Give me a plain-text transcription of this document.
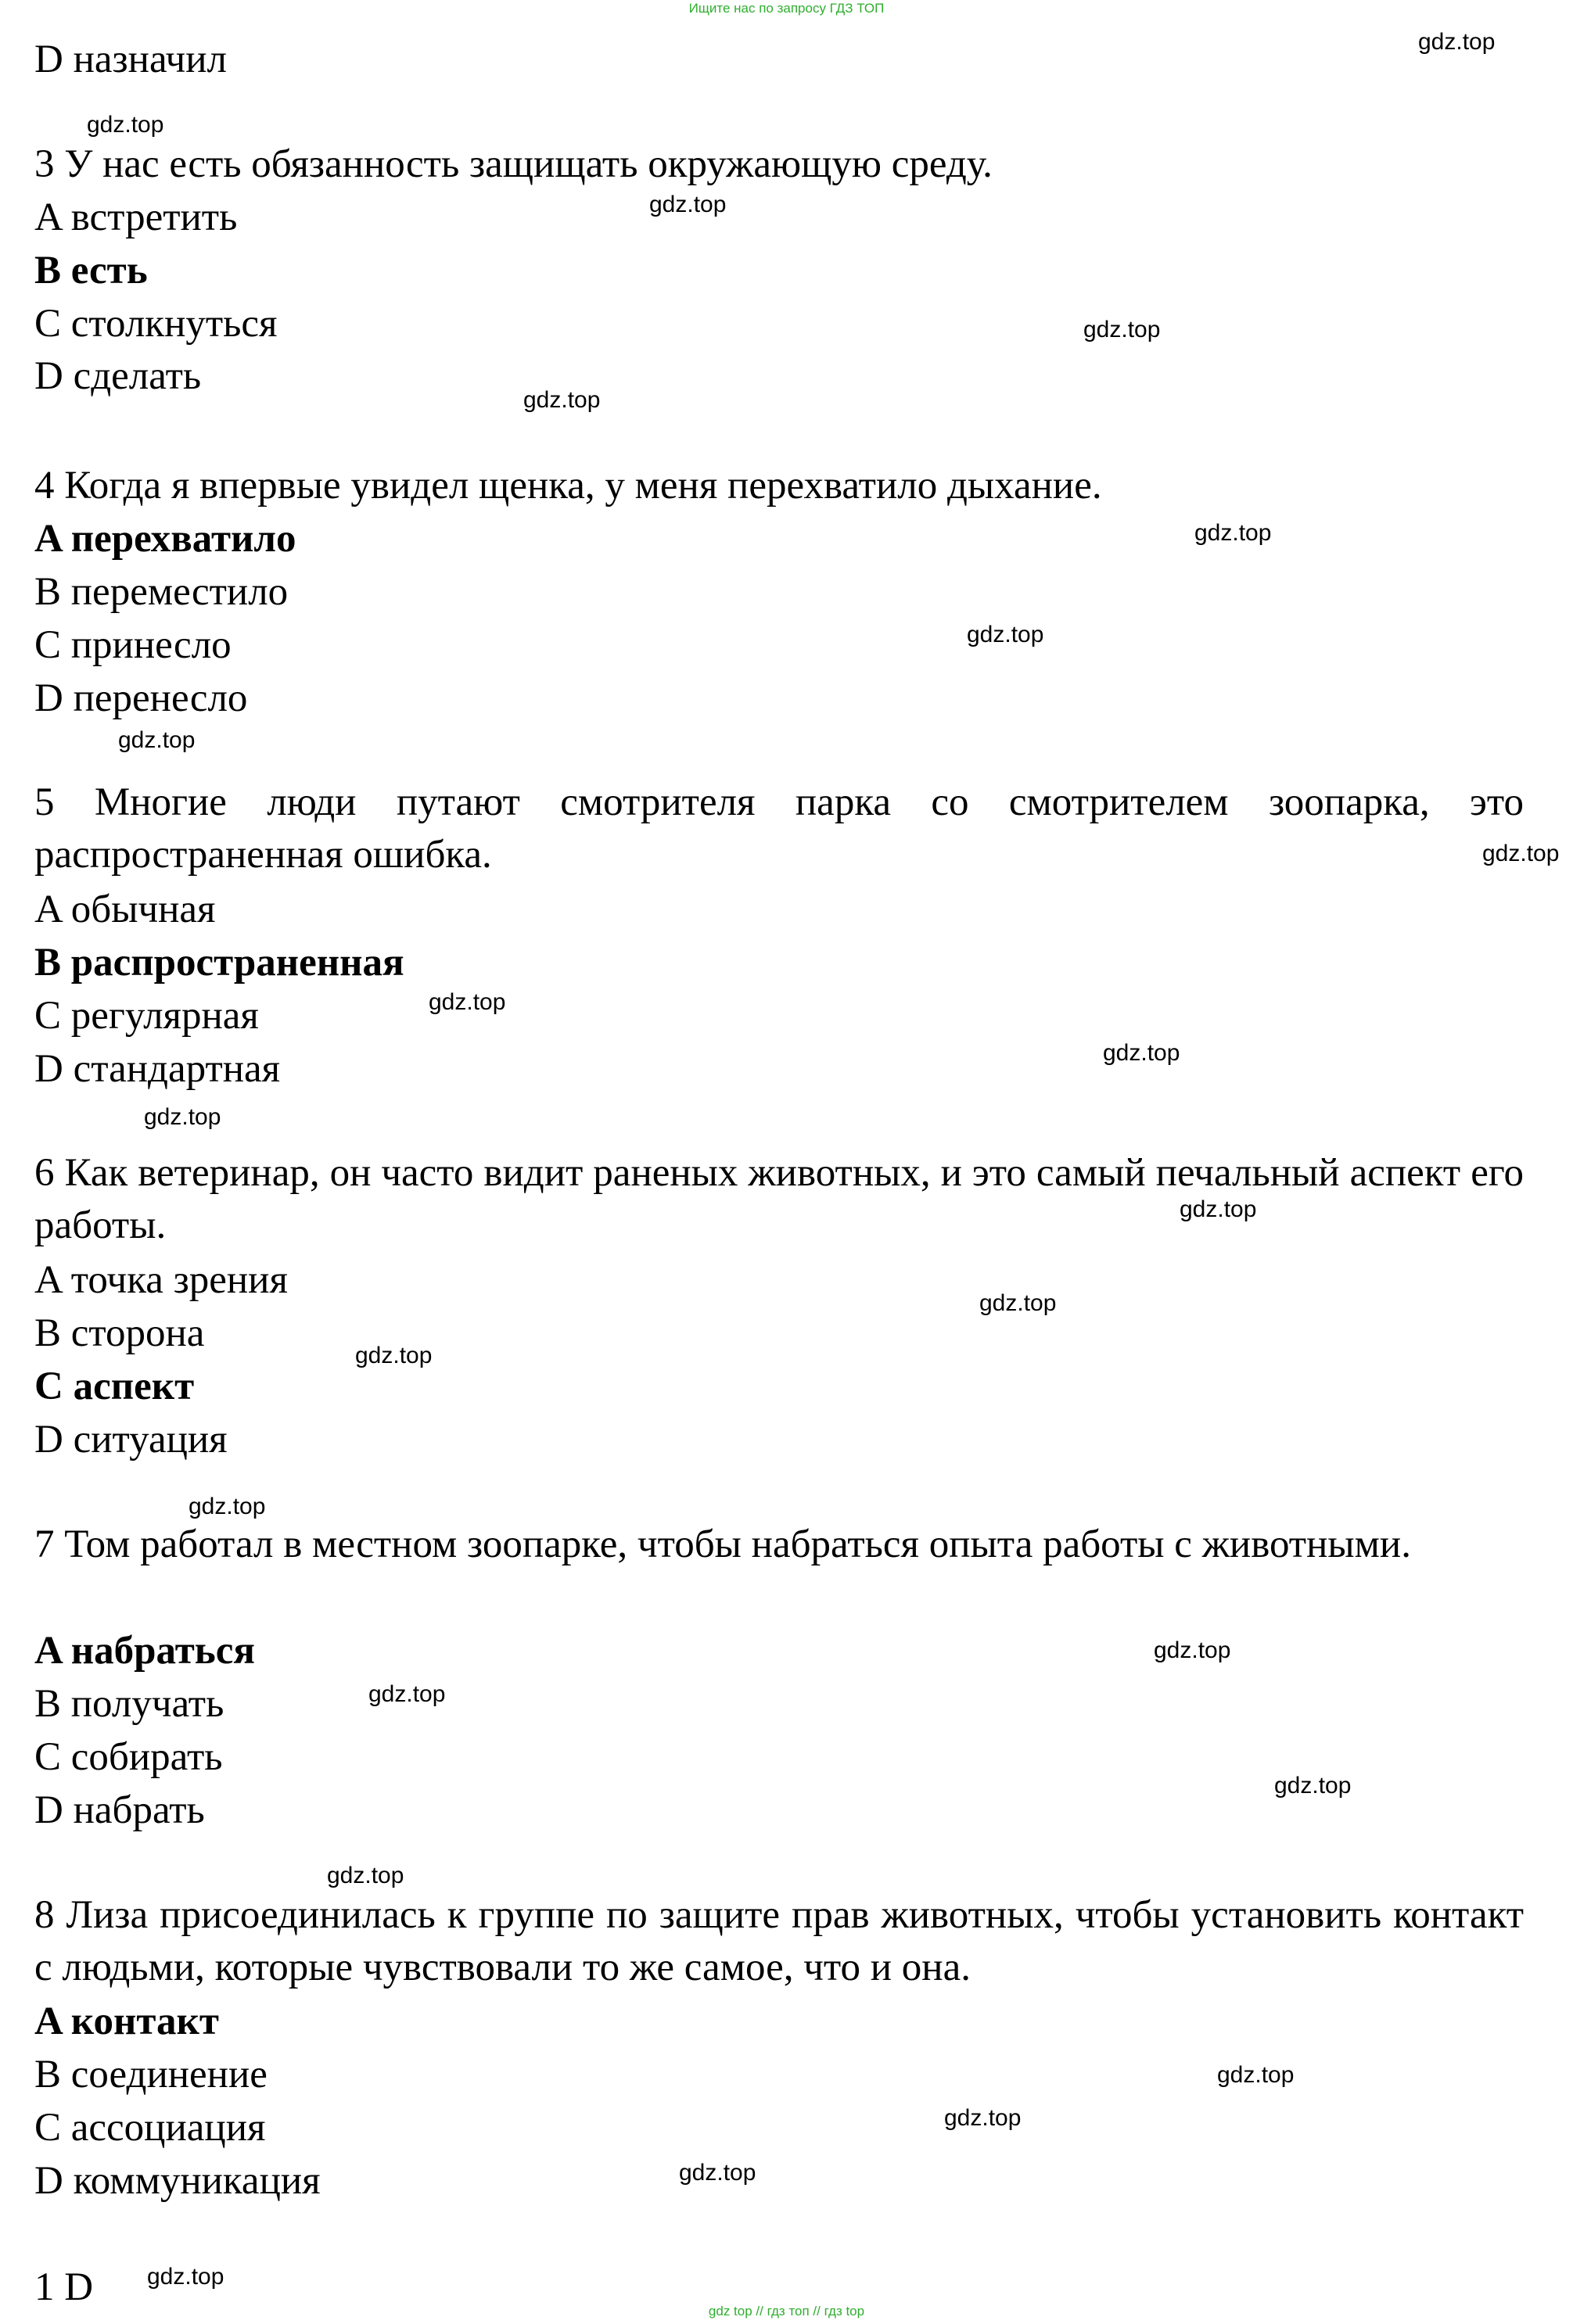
Ищите нас по запросу ГДЗ ТОП
D назначил
3 У нас есть обязанность защищать окружающую среду.
A встретить
B есть
C столкнуться
D сделать
4 Когда я впервые увидел щенка, у меня перехватило дыхание.
A перехватило
B переместило
C принесло
D перенесло
5 Многие люди путают смотрителя парка со смотрителем зоопарка, это распространенная ошибка.
A обычная
B распространенная
C регулярная
D стандартная
6 Как ветеринар, он часто видит раненых животных, и это самый печальный аспект его работы.
A точка зрения
B сторона
C аспект
D ситуация
7 Том работал в местном зоопарке, чтобы набраться опыта работы с животными.
A набраться
B получать
C собирать
D набрать
8 Лиза присоединилась к группе по защите прав животных, чтобы установить контакт с людьми, которые чувствовали то же самое, что и она.
A контакт
B соединение
C ассоциация
D коммуникация
1 D
gdz.top
gdz.top
gdz.top
gdz.top
gdz.top
gdz.top
gdz.top
gdz.top
gdz.top
gdz.top
gdz.top
gdz.top
gdz.top
gdz.top
gdz.top
gdz.top
gdz.top
gdz.top
gdz.top
gdz.top
gdz.top
gdz.top
gdz.top
gdz.top
gdz top // гдз топ // гдз top
